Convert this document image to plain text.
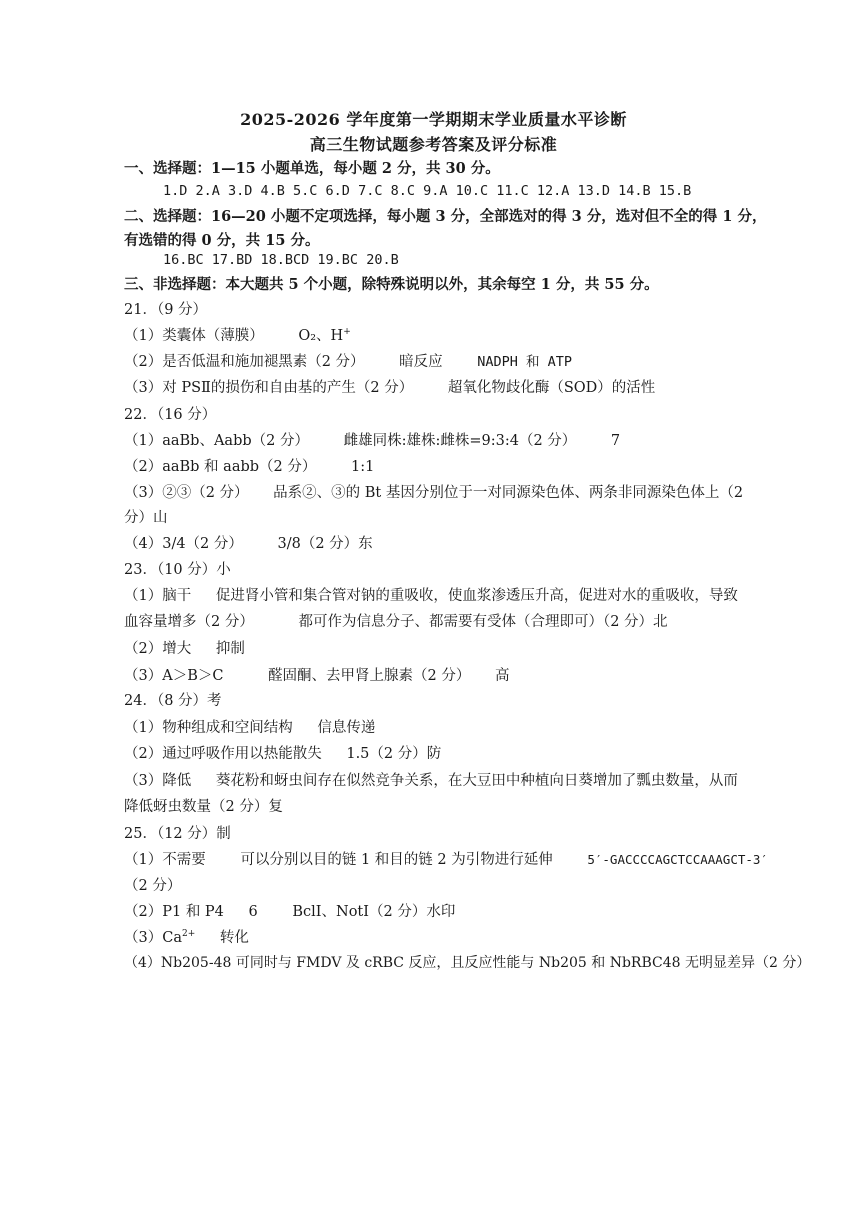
2025-2026 学年度第一学期期末学业质量水平诊断
高三生物试题参考答案及评分标准
一、选择题：1—15 小题单选，每小题 2 分，共 30 分。
1.D 2.A 3.D 4.B 5.C 6.D 7.C 8.C 9.A 10.C 11.C 12.A 13.D 14.B 15.B
二、选择题：16—20 小题不定项选择，每小题 3 分，全部选对的得 3 分，选对但不全的得 1 分，
有选错的得 0 分，共 15 分。
16.BC 17.BD 18.BCD 19.BC 20.B
三、非选择题：本大题共 5 个小题，除特殊说明以外，其余每空 1 分，共 55 分。
21．（9 分）
（1）类囊体（薄膜） O₂、H+
（2）是否低温和施加褪黑素（2 分） 暗反应	NADPH 和 ATP
（3）对 PSⅡ的损伤和自由基的产生（2 分） 超氧化物歧化酶（SOD）的活性
22．（16 分）
（1）aaBb、Aabb（2 分） 雌雄同株:雄株:雌株=9:3:4（2 分） 7
（2）aaBb 和 aabb（2 分） 1:1
（3）②③（2 分） 品系②、③的 Bt 基因分别位于一对同源染色体、两条非同源染色体上（2
分）山
（4）3/4（2 分） 3/8（2 分）东
23．（10 分）小
（1）脑干 促进肾小管和集合管对钠的重吸收，使血浆渗透压升高，促进对水的重吸收，导致
血容量增多（2 分）	都可作为信息分子、都需要有受体（合理即可）（2 分）北
（2）增大 抑制
（3）A＞B＞C	醛固酮、去甲肾上腺素（2 分） 高
24．（8 分）考
（1）物种组成和空间结构 信息传递
（2）通过呼吸作用以热能散失 1.5（2 分）防
（3）降低 葵花粉和蚜虫间存在似然竞争关系，在大豆田中种植向日葵增加了瓢虫数量，从而
降低蚜虫数量（2 分）复
25．（12 分）制
（1）不需要 可以分别以目的链 1 和目的链 2 为引物进行延伸	5′-GACCCCAGCTCCAAAGCT-3′
（2 分）
（2）P1 和 P4 6 BclⅠ、NotⅠ（2 分）水印
$(3)Ca^{2+}$ 转化
（4）Nb205-48 可同时与 FMDV 及 cRBC 反应，且反应性能与 Nb205 和 NbRBC48 无明显差异（2 分）
